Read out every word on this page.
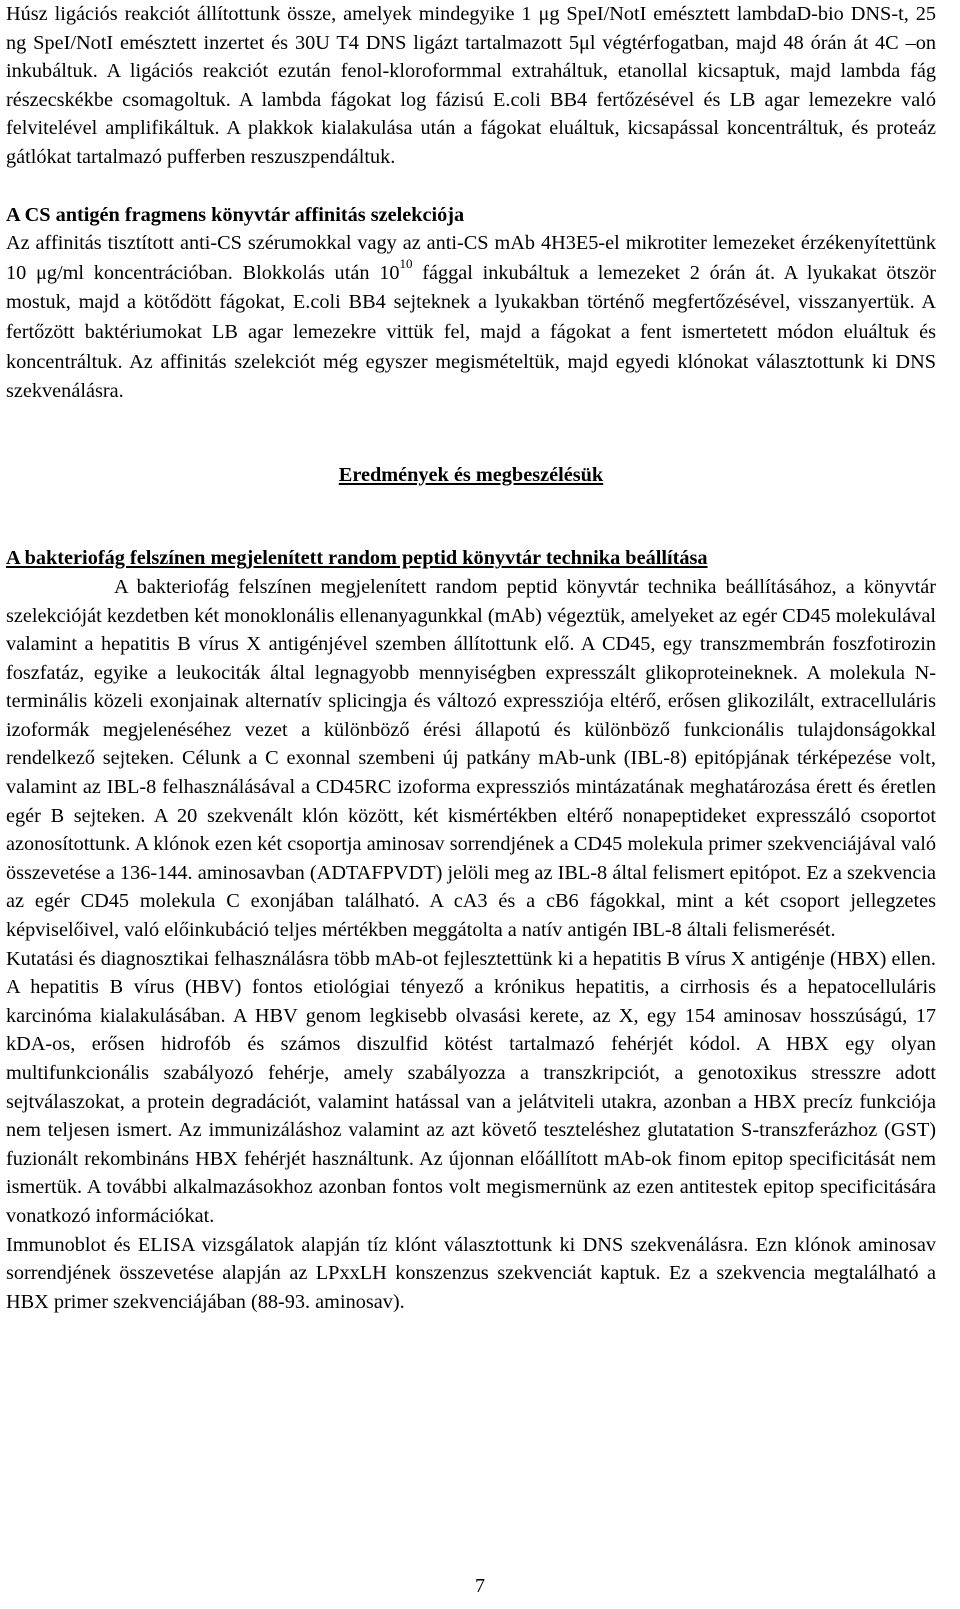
Húsz ligációs reakciót állítottunk össze, amelyek mindegyike 1 μg SpeI/NotI emésztett lambdaD-bio DNS-t, 25 ng SpeI/NotI emésztett inzertet és 30U T4 DNS ligázt tartalmazott 5μl végtérfogatban, majd 48 órán át 4C –on inkubáltuk. A ligációs reakciót ezután fenol-kloroformmal extraháltuk, etanollal kicsaptuk, majd lambda fág részecskékbe csomagoltuk. A lambda fágokat log fázisú E.coli BB4 fertőzésével és LB agar lemezekre való felvitelével amplifikáltuk. A plakkok kialakulása után a fágokat eluáltuk, kicsapással koncentráltuk, és proteáz gátlókat tartalmazó pufferben reszuszpendáltuk.

A CS antigén fragmens könyvtár affinitás szelekciója

Az affinitás tisztított anti-CS szérumokkal vagy az anti-CS mAb 4H3E5-el mikrotiter lemezeket érzékenyítettünk 10 μg/ml koncentrációban. Blokkolás után $10^{10}$ fággal inkubáltuk a lemezeket 2 órán át. A lyukakat ötször mostuk, majd a kötődött fágokat, E.coli BB4 sejteknek a lyukakban történő megfertőzésével, visszanyertük. A fertőzött baktériumokat LB agar lemezekre vittük fel, majd a fágokat a fent ismertetett módon eluáltuk és koncentráltuk. Az affinitás szelekciót még egyszer megismételtük, majd egyedi klónokat választottunk ki DNS szekvenálásra.

Eredmények és megbeszélésük

A bakteriofág felszínen megjelenített random peptid könyvtár technika beállítása

A bakteriofág felszínen megjelenített random peptid könyvtár technika beállításához, a könyvtár szelekcióját kezdetben két monoklonális ellenanyagunkkal (mAb) végeztük, amelyeket az egér CD45 molekulával valamint a hepatitis B vírus X antigénjével szemben állítottunk elő. A CD45, egy transzmembrán foszfotirozin foszfatáz, egyike a leukociták által legnagyobb mennyiségben expresszált glikoproteineknek. A molekula N-terminális közeli exonjainak alternatív splicingja és változó expressziója eltérő, erősen glikozilált, extracelluláris izoformák megjelenéséhez vezet a különböző érési állapotú és különböző funkcionális tulajdonságokkal rendelkező sejteken. Célunk a C exonnal szembeni új patkány mAb-unk (IBL-8) epitópjának térképezése volt, valamint az IBL-8 felhasználásával a CD45RC izoforma expressziós mintázatának meghatározása érett és éretlen egér B sejteken. A 20 szekvenált klón között, két kismértékben eltérő nonapeptideket expresszáló csoportot azonosítottunk. A klónok ezen két csoportja aminosav sorrendjének a CD45 molekula primer szekvenciájával való összevetése a 136-144. aminosavban (ADTAFPVDT) jelöli meg az IBL-8 által felismert epitópot. Ez a szekvencia az egér CD45 molekula C exonjában található. A cA3 és a cB6 fágokkal, mint a két csoport jellegzetes képviselőivel, való előinkubáció teljes mértékben meggátolta a natív antigén IBL-8 általi felismerését.

Kutatási és diagnosztikai felhasználásra több mAb-ot fejlesztettünk ki a hepatitis B vírus X antigénje (HBX) ellen. A hepatitis B vírus (HBV) fontos etiológiai tényező a krónikus hepatitis, a cirrhosis és a hepatocelluláris karcinóma kialakulásában. A HBV genom legkisebb olvasási kerete, az X, egy 154 aminosav hosszúságú, 17 kDA-os, erősen hidrofób és számos diszulfid kötést tartalmazó fehérjét kódol. A HBX egy olyan multifunkcionális szabályozó fehérje, amely szabályozza a transzkripciót, a genotoxikus stresszre adott sejtválaszokat, a protein degradációt, valamint hatással van a jelátviteli utakra, azonban a HBX precíz funkciója nem teljesen ismert. Az immunizáláshoz valamint az azt követő teszteléshez glutatation S-transzferázhoz (GST) fuzionált rekombináns HBX fehérjét használtunk. Az újonnan előállított mAb-ok finom epitop specificitását nem ismertük. A további alkalmazásokhoz azonban fontos volt megismernünk az ezen antitestek epitop specificitására vonatkozó információkat.

Immunoblot és ELISA vizsgálatok alapján tíz klónt választottunk ki DNS szekvenálásra. Ezn klónok aminosav sorrendjének összevetése alapján az LPxxLH konszenzus szekvenciát kaptuk. Ez a szekvencia megtalálható a HBX primer szekvenciájában (88-93. aminosav).

7
